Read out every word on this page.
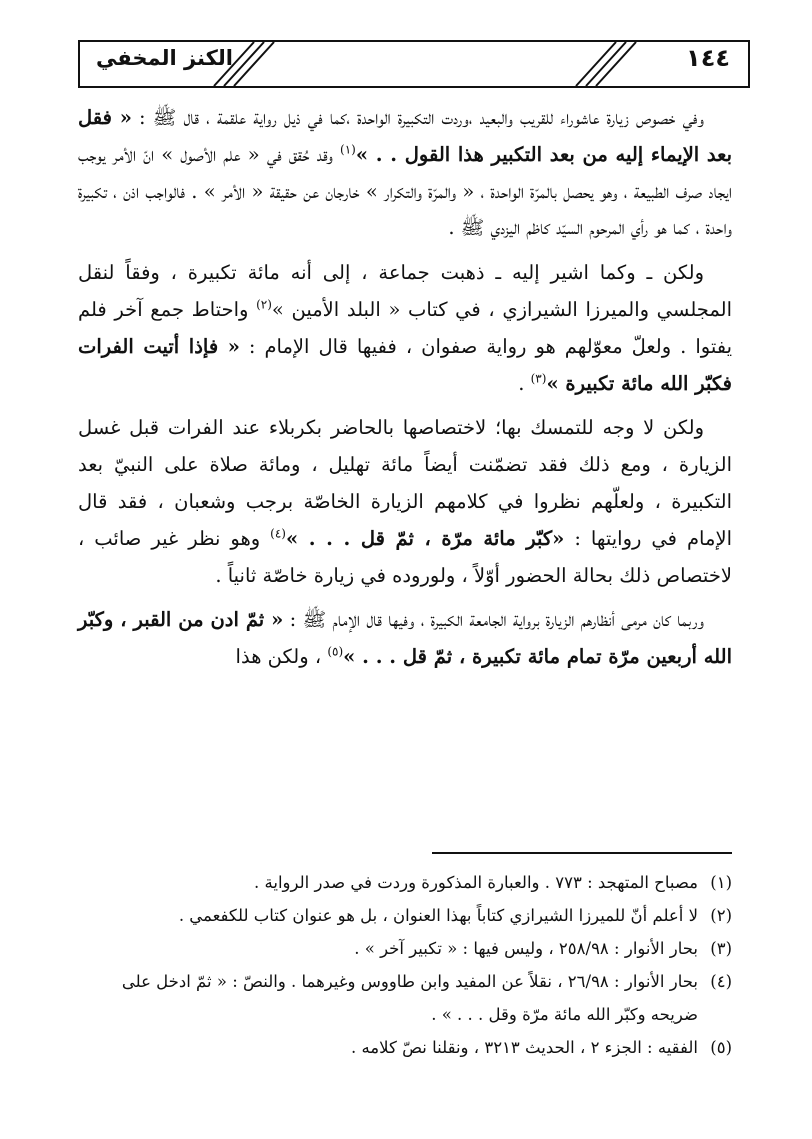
الكنز المخفي	١٤٤

وفي خصوص زيارة عاشوراء للقريب والبعيد ،وردت التكبيرة الواحدة ،كما في ذيل رواية علقمة ، قال ﷺ : « فقل بعد الإيماء إليه من بعد التكبير هذا القول . . »$^{(١)}$ وقد حُقق في « علم الأصول » انّ الأمر يوجب ايجاد صرف الطبيعة ، وهو يحصل بالمرّة الواحدة ، « والمرّة والتكرار » خارجان عن حقيقة « الأمر » . فالواجب اذن ، تكبيرة واحدة ، كما هو رأي المرحوم السيّد كاظم اليزدي ﷺ .

ولكن ـ وكما اشير إليه ـ ذهبت جماعة ، إلى أنه مائة تكبيرة ، وفقاً لنقل المجلسي والميرزا الشيرازي ، في كتاب « البلد الأمين »$^{(٢)}$ واحتاط جمع آخر فلم يفتوا . ولعلّ معوّلهم هو رواية صفوان ، ففيها قال الإمام : « فإذا أتيت الفرات فكبّر الله مائة تكبيرة »$^{(٣)}$ .

ولكن لا وجه للتمسك بها؛ لاختصاصها بالحاضر بكربلاء عند الفرات قبل غسل الزيارة ، ومع ذلك فقد تضمّنت أيضاً مائة تهليل ، ومائة صلاة على النبيّ بعد التكبيرة ، ولعلّهم نظروا في كلامهم الزيارة الخاصّة برجب وشعبان ، فقد قال الإمام في روايتها : «كبّر مائة مرّة ، ثمّ قل . . . »$^{(٤)}$ وهو نظر غير صائب ، لاختصاص ذلك بحالة الحضور أوّلاً ، ولوروده في زيارة خاصّة ثانياً .

وربما كان مرمى أنظارهم الزيارة برواية الجامعة الكبيرة ، وفيها قال الإمام ﷺ : « ثمّ ادن من القبر ، وكبّر الله أربعين مرّة تمام مائة تكبيرة ، ثمّ قل . . . »$^{(٥)}$ ، ولكن هذا

(١)
مصباح المتهجد : ٧٧٣ . والعبارة المذكورة وردت في صدر الرواية .
(٢)
لا أعلم أنّ للميرزا الشيرازي كتاباً بهذا العنوان ، بل هو عنوان كتاب للكفعمي .
(٣)
بحار الأنوار : ٢٥٨/٩٨ ، وليس فيها : « تكبير آخر » .
(٤)
بحار الأنوار : ٢٦/٩٨ ، نقلاً عن المفيد وابن طاووس وغيرهما . والنصّ : « ثمّ ادخل على ضريحه وكبّر الله مائة مرّة وقل . . . » .
(٥)
الفقيه : الجزء ٢ ، الحديث ٣٢١٣ ، ونقلنا نصّ كلامه .
